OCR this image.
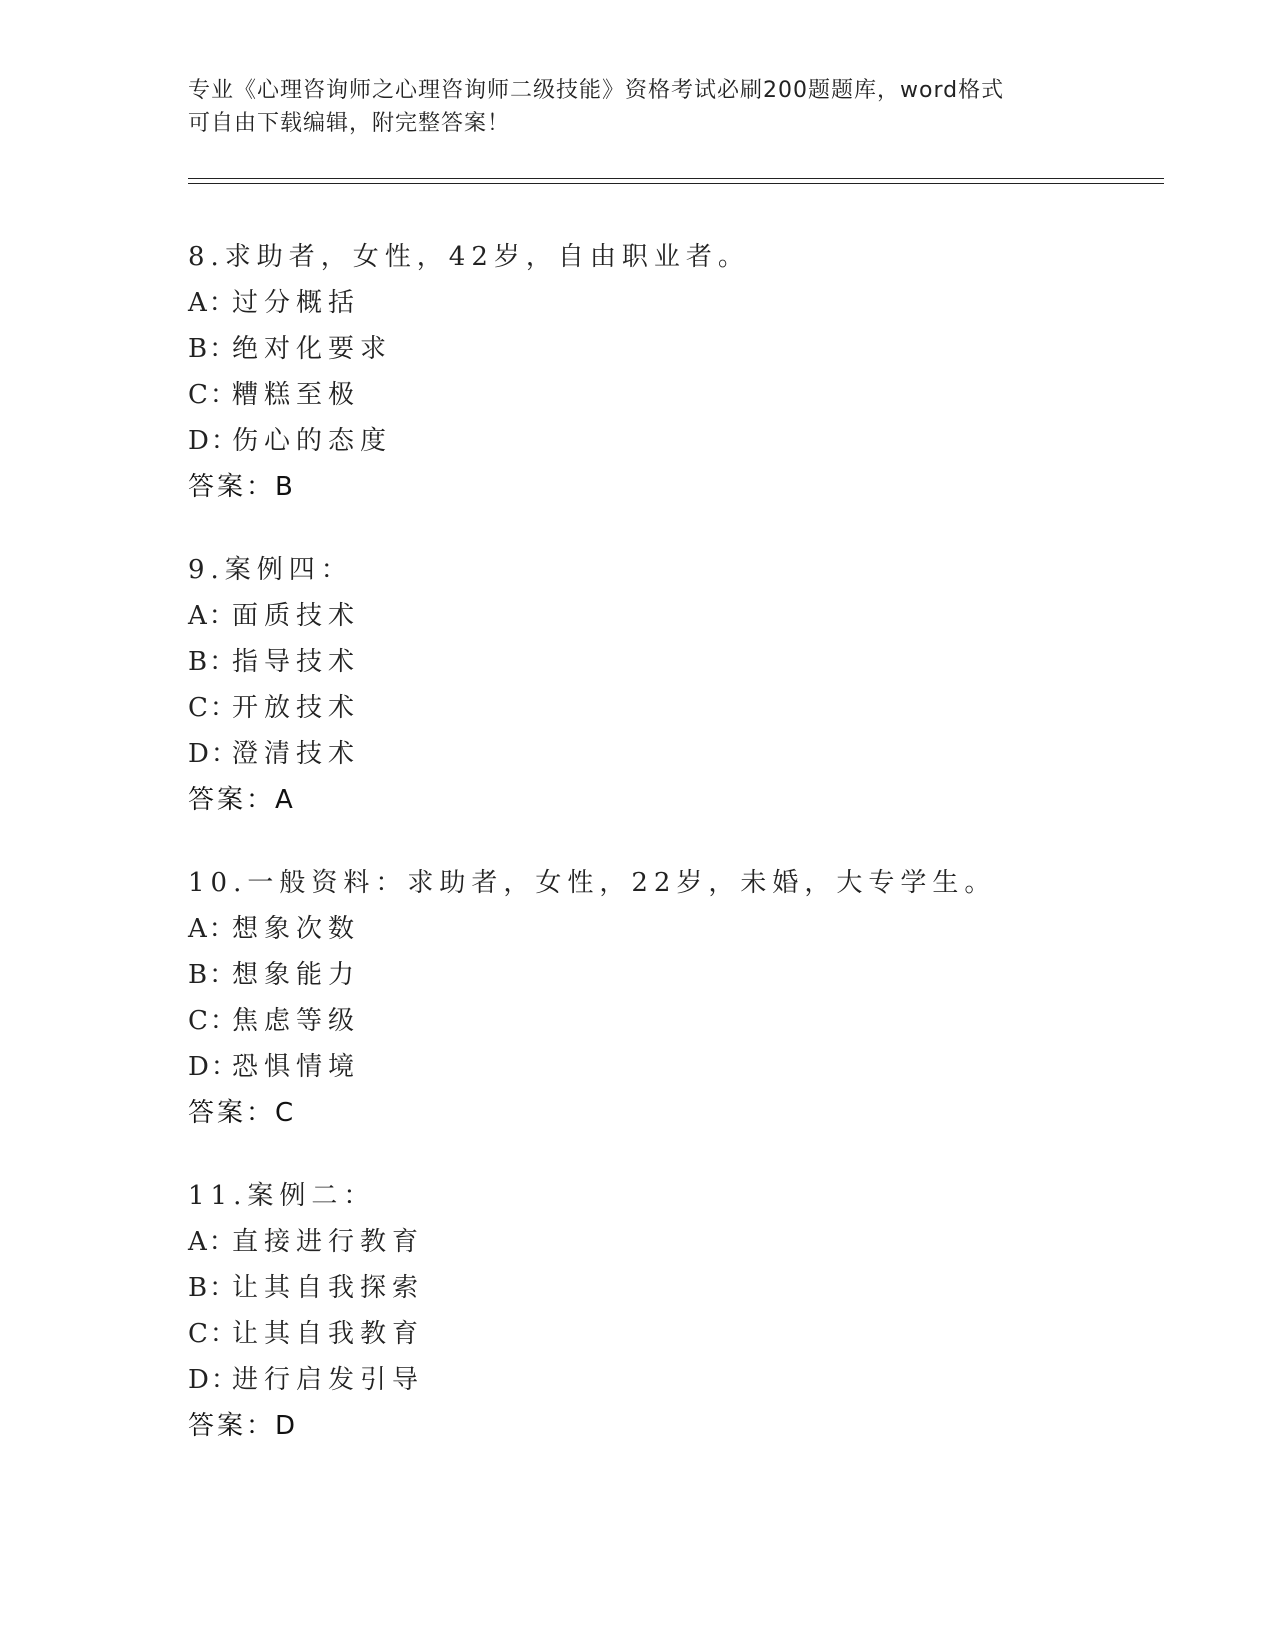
专业《心理咨询师之心理咨询师二级技能》资格考试必刷200题题库，word格式
可自由下载编辑，附完整答案！
8.求助者，女性，42岁，自由职业者。
A：
过分概括
B：
绝对化要求
C：
糟糕至极
D：
伤心的态度
答案：B
9.案例四：
A：
面质技术
B：
指导技术
C：
开放技术
D：
澄清技术
答案：A
10.一般资料：求助者，女性，22岁，未婚，大专学生。
A：
想象次数
B：
想象能力
C：
焦虑等级
D：
恐惧情境
答案：C
11.案例二：
A：
直接进行教育
B：
让其自我探索
C：
让其自我教育
D：
进行启发引导
答案：D
